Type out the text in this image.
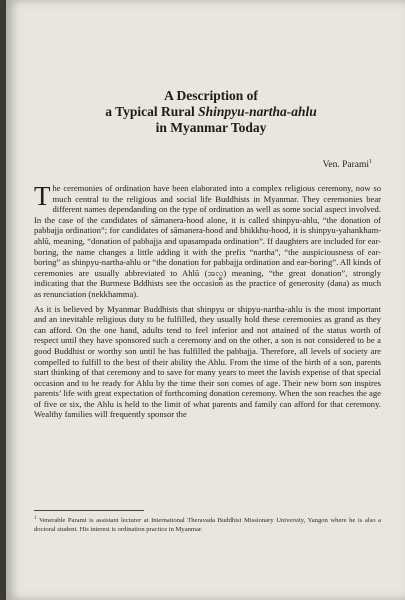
A Description of
a Typical Rural Shinpyu-nartha-ahlu
in Myanmar Today
Ven. Parami$^1$

The ceremonies of ordination have been elaborated into a complex religious ceremony, now so much central to the religious and social life Buddhists in Myanmar. They ceremonies bear different names dependanding on the type of ordination as well as some social aspect involved. In the case of the candidates of sāmanera-hood alone, it is called shinpyu-ahlu, “the donation of pabbajja ordination”; for candidates of sāmanera-hood and bhikkhu-hood, it is shinpyu-yahankham-ahlū, meaning, “donation of pabbajja and upasampada ordination”. If daughters are included for ear-boring, the name changes a little adding it with the prefix “nartha”, “the auspiciousness of ear-boring” as shinpyu-nartha-ahlu or “the donation for pabbajja ordination and ear-boring”. All kinds of ceremonies are usually abbreviated to Ahlū (အလှူ) meaning, “the great donation”, strongly indicating that the Burmese Bddhists see the occasion as the practice of generosity (dana) as much as renunciation (nekkhamma).

As it is believed by Myanmar Buddhists that shinpyu or shipyu-nartha-ahlu is the most important and an inevitable religious duty to be fulfilled, they usually hold these ceremonies as grand as they can afford. On the one hand, adults tend to feel inferior and not attained of the status worth of respect until they have sponsored such a ceremony and on the other, a son is not considered to be a good Buddhist or worthy son until he has fulfilled the pabbajja. Therefore, all levels of society are compelled to fulfill to the best of their ability the Ahlu. From the time of the birth of a son, parents start thinking of that ceremony and to save for many years to meet the lavish expense of that special occasion and to be ready for Ahlu by the time their son comes of age. Their new born son inspires parents’ life with great expectation of forthcoming donation ceremony. When the son reaches the age of five or six, the Ahlu is held to the limit of what parents and family can afford for that ceremony. Wealthy families will frequently sponsor the

$^1$ Venerable Parami is assistant lecturer at International Theravada Buddhist Missionary University, Yangon where he is also a doctoral student. His interest is ordination practice in Myanmar.
